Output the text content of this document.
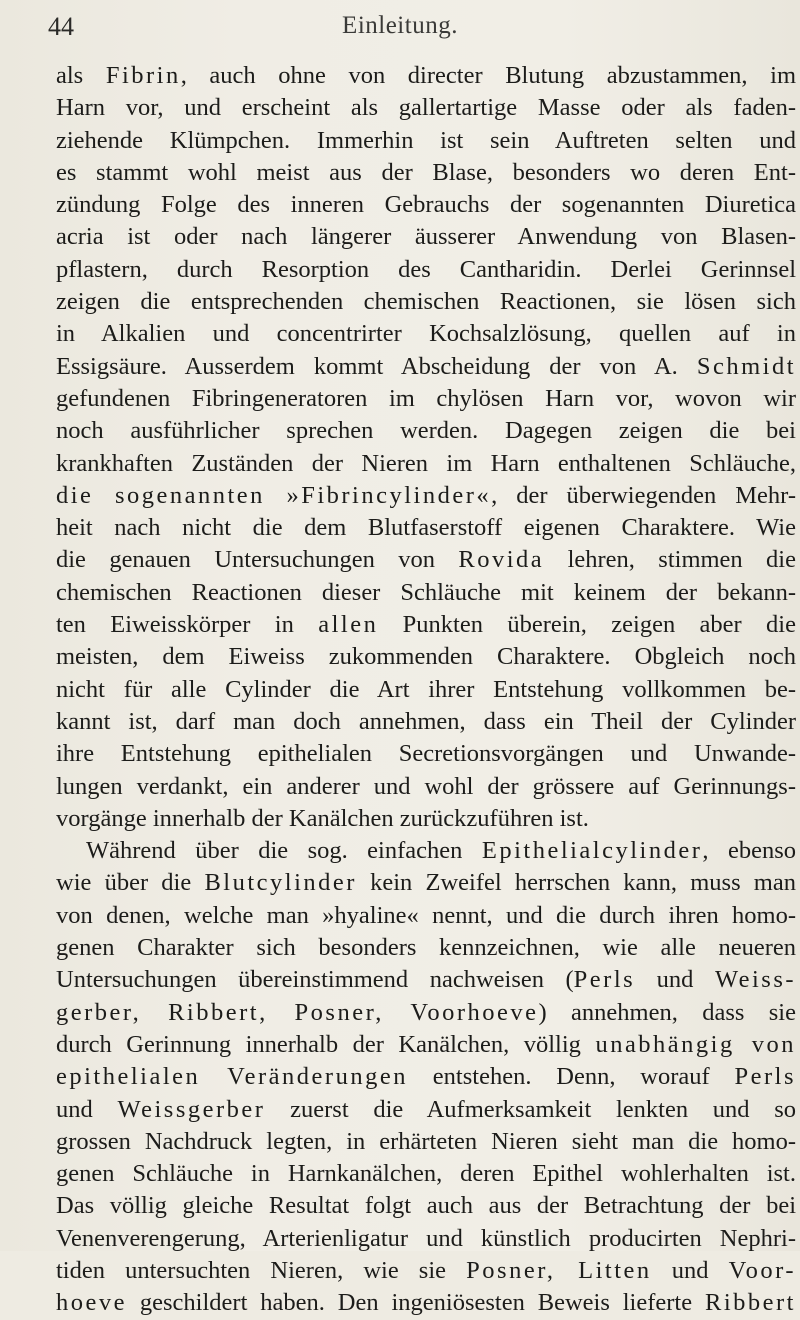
44	Einleitung.
als Fibrin, auch ohne von directer Blutung abzustammen, im
Harn vor, und erscheint als gallertartige Masse oder als faden-
ziehende Klümpchen. Immerhin ist sein Auftreten selten und
es stammt wohl meist aus der Blase, besonders wo deren Ent-
zündung Folge des inneren Gebrauchs der sogenannten Diuretica
acria ist oder nach längerer äusserer Anwendung von Blasen-
pflastern, durch Resorption des Cantharidin. Derlei Gerinnsel
zeigen die entsprechenden chemischen Reactionen, sie lösen sich
in Alkalien und concentrirter Kochsalzlösung, quellen auf in
Essigsäure. Ausserdem kommt Abscheidung der von A. Schmidt
gefundenen Fibringeneratoren im chylösen Harn vor, wovon wir
noch ausführlicher sprechen werden. Dagegen zeigen die bei
krankhaften Zuständen der Nieren im Harn enthaltenen Schläuche,
die sogenannten »Fibrincylinder«, der überwiegenden Mehr-
heit nach nicht die dem Blutfaserstoff eigenen Charaktere. Wie
die genauen Untersuchungen von Rovida lehren, stimmen die
chemischen Reactionen dieser Schläuche mit keinem der bekann-
ten Eiweisskörper in allen Punkten überein, zeigen aber die
meisten, dem Eiweiss zukommenden Charaktere. Obgleich noch
nicht für alle Cylinder die Art ihrer Entstehung vollkommen be-
kannt ist, darf man doch annehmen, dass ein Theil der Cylinder
ihre Entstehung epithelialen Secretionsvorgängen und Unwande-
lungen verdankt, ein anderer und wohl der grössere auf Gerinnungs-
vorgänge innerhalb der Kanälchen zurückzuführen ist.
Während über die sog. einfachen Epithelialcylinder, ebenso
wie über die Blutcylinder kein Zweifel herrschen kann, muss man
von denen, welche man »hyaline« nennt, und die durch ihren homo-
genen Charakter sich besonders kennzeichnen, wie alle neueren
Untersuchungen übereinstimmend nachweisen (Perls und Weiss-
gerber, Ribbert, Posner, Voorhoeve) annehmen, dass sie
durch Gerinnung innerhalb der Kanälchen, völlig unabhängig von
epithelialen Veränderungen entstehen. Denn, worauf Perls
und Weissgerber zuerst die Aufmerksamkeit lenkten und so
grossen Nachdruck legten, in erhärteten Nieren sieht man die homo-
genen Schläuche in Harnkanälchen, deren Epithel wohlerhalten ist.
Das völlig gleiche Resultat folgt auch aus der Betrachtung der bei
Venenverengerung, Arterienligatur und künstlich producirten Nephri-
tiden untersuchten Nieren, wie sie Posner, Litten und Voor-
hoeve geschildert haben. Den ingeniösesten Beweis lieferte Ribbert
